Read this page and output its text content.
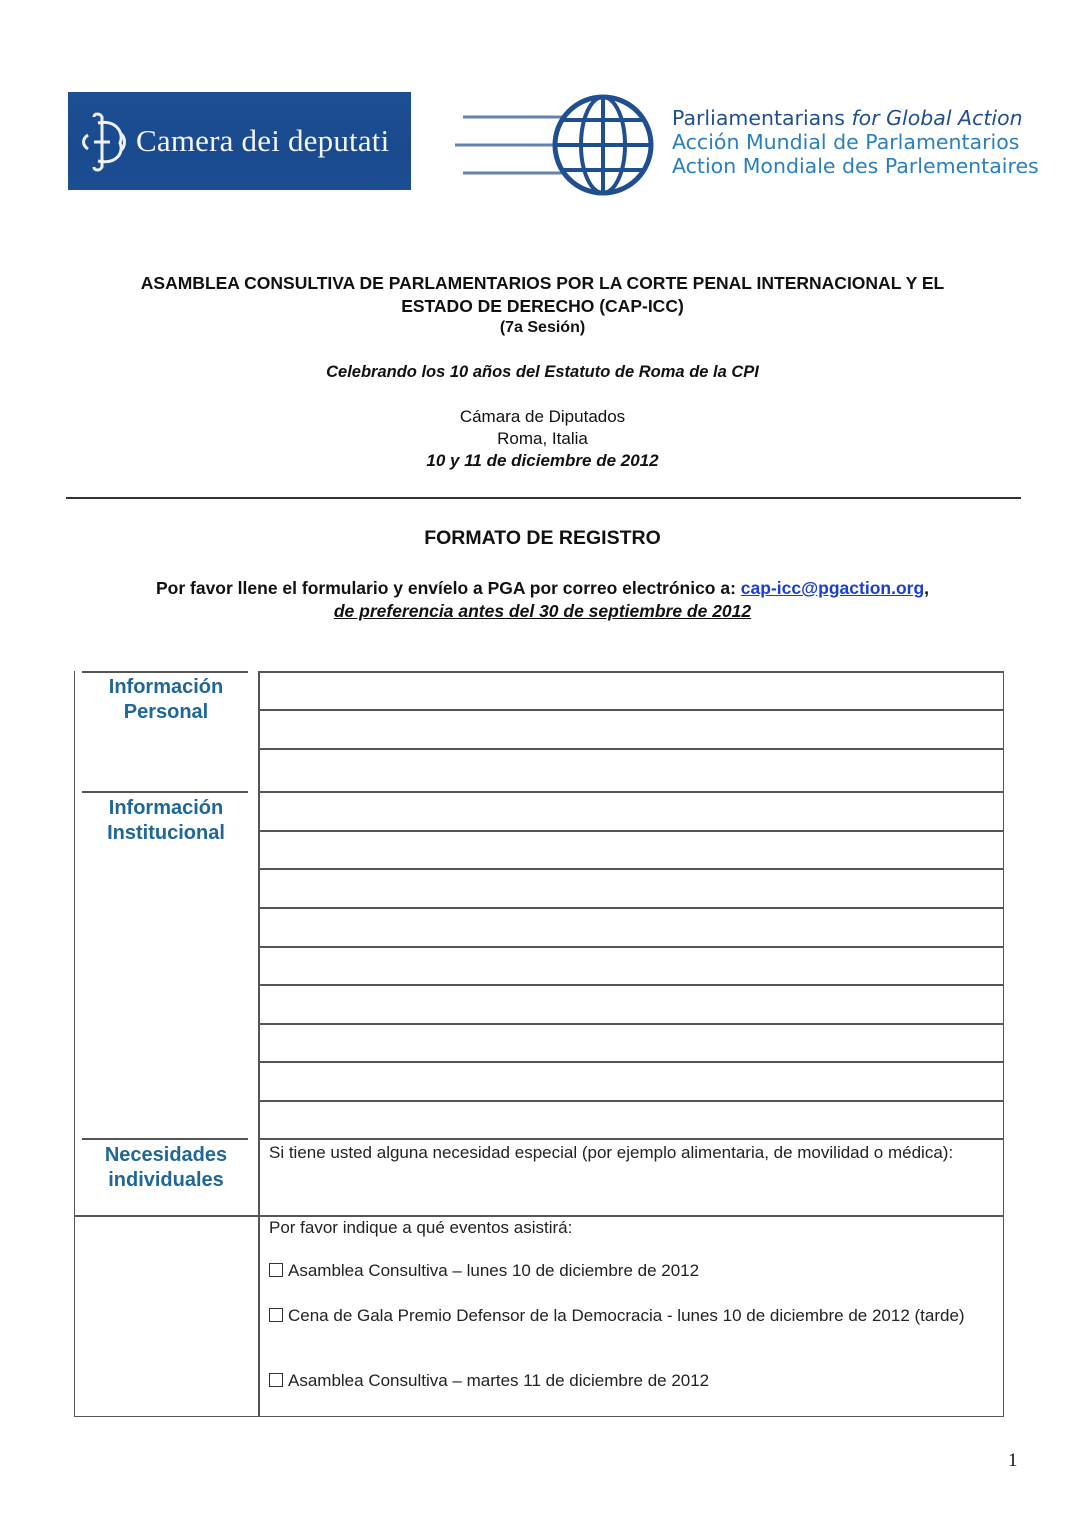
Camera dei deputati
Parliamentarians for Global Action
Acción Mundial de Parlamentarios
Action Mondiale des Parlementaires
ASAMBLEA CONSULTIVA DE PARLAMENTARIOS POR LA CORTE PENAL INTERNACIONAL Y EL
ESTADO DE DERECHO (CAP-ICC)
(7a Sesión)
Celebrando los 10 años del Estatuto de Roma de la CPI
Cámara de Diputados
Roma, Italia
10 y 11 de diciembre de 2012
FORMATO DE REGISTRO
Por favor llene el formulario y envíelo a PGA por correo electrónico a: cap-icc@pgaction.org,
de preferencia antes del 30 de septiembre de 2012
Información
Personal
Información
Institucional
Necesidades
individuales
Si tiene usted alguna necesidad especial (por ejemplo alimentaria, de movilidad o médica):
Por favor indique a qué eventos asistirá:
Asamblea Consultiva – lunes 10 de diciembre de 2012
Cena de Gala Premio Defensor de la Democracia - lunes 10 de diciembre de 2012 (tarde)
Asamblea Consultiva – martes 11 de diciembre de 2012
1
